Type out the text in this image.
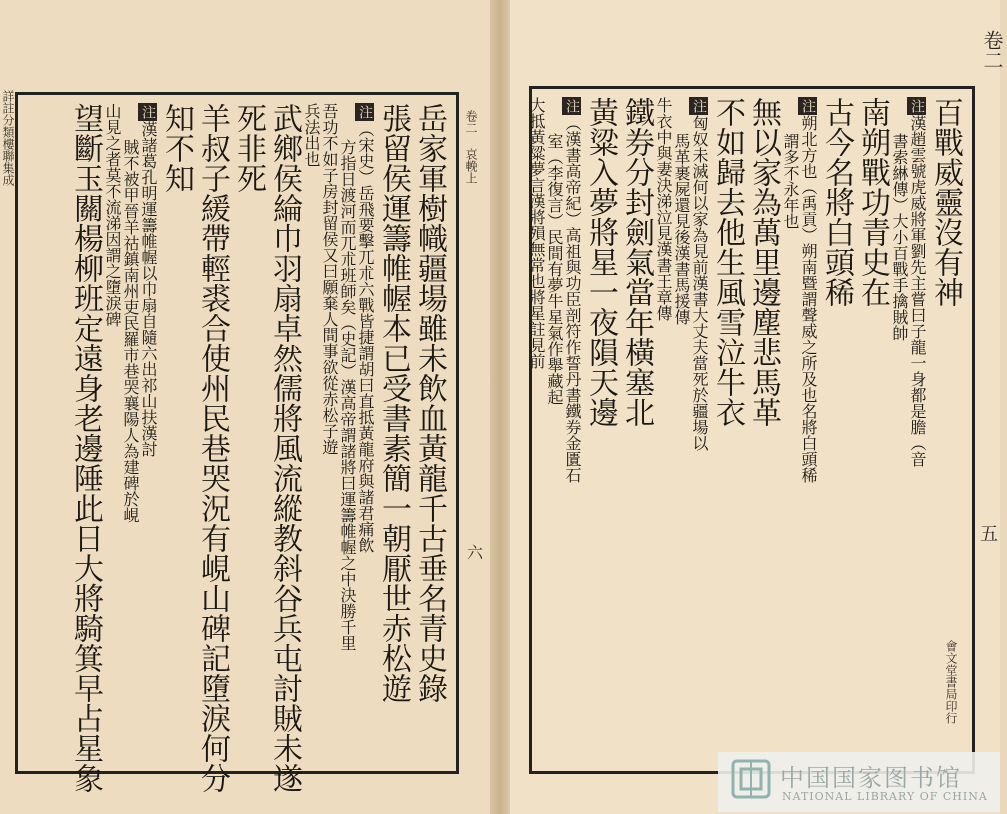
詳註分類樓聯集成	岳家軍樹幟疆場雖未飲血黃龍千古垂名青史錄
張留侯運籌帷幄本已受書素簡一朝厭世赤松遊
注（宋史）岳飛要擊兀朮六戰皆捷謂胡曰直抵黃龍府與諸君痛飲
方指日渡河而兀朮班師矣（史記）漢高帝謂諸將曰運籌帷幄之中決勝千里
吾功不如子房封留侯又曰願棄人間事欲從赤松子遊
兵法出也
武鄉侯綸巾羽扇卓然儒將風流縱教斜谷兵屯討賊未遂
死非死
羊叔子緩帶輕裘合使州民巷哭況有峴山碑記墮淚何分
知不知
注漢諸葛孔明運籌帷幄以巾扇自隨六出祁山扶漢討
賊不被甲晉羊祜鎮南州吏民羅市巷哭襄陽人為建碑於峴
山見之者莫不流涕因謂之墮淚碑
望斷玉關楊柳班定遠身老邊陲此日大將騎箕早占星象	卷二 哀輓上
六
百戰威靈沒有神
注漢趙雲號虎威將軍劉先主嘗曰子龍一身都是膽（音
書索綝傳）大小百戰手擒賊帥
南朔戰功青史在
古今名將白頭稀
注朔北方也（禹貢）朔南暨謂聲威之所及也名將白頭稀
謂多不永年也
無以家為萬里邊塵悲馬革
不如歸去他生風雪泣牛衣
注匈奴未滅何以家為見前漢書大丈夫當死於疆場以
馬革裹屍還見後漢書馬援傳
牛衣中與妻決涕泣見漢書王章傳
鐵券分封劍氣當年橫塞北
黃粱入夢將星一夜隕天邊
注（漢書高帝紀）高祖與功臣剖符作誓丹書鐵券金匱石
室（李復言）民間有夢牛星氣作舉藏起
大抵黃粱夢言漢將殞無常也將星註見前
卷二
五
會文堂書局印行
中国国家图书馆
NATIONAL LIBRARY OF CHINA
